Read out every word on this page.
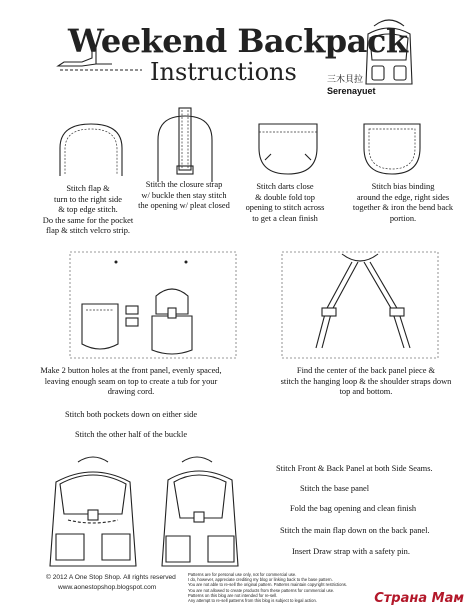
Weekend Backpack
Instructions	三木貝拉
Serenayuet
Stitch flap &
turn to the right side
& top edge stitch.
Do the same for the pocket
flap & stitch velcro strip.
Stitch the closure strap
w/ buckle then stay stitch
the opening w/ pleat closed
Stitch darts close
& double fold top
opening to stitch across
to get a clean finish
Stitch bias binding
around the edge, right sides
together & iron the bend back
portion.
Make 2 button holes at the front panel, evenly spaced,
leaving enough seam on top to create a tub for your
drawing cord.
Stitch both pockets down on either side
Stitch the other half of the buckle
Find the center of the back panel piece &
stitch the hanging loop & the shoulder straps down
top and bottom.
Stitch Front & Back Panel at both Side Seams.
Stitch the base panel
Fold the bag opening and clean finish
Stitch the main flap down on the back panel.
Insert Draw strap with a safety pin.
© 2012 A One Stop Shop. All rights reserved
www.aonestopshop.blogspot.com
Patterns are for personal use only, not for commercial use.
I do, however, appreciate crediting my blog or linking back to the base pattern.
You are not able to re-sell the original pattern. Patterns maintain copyright restrictions.
You are not allowed to create products from these patterns for commercial use.
Patterns on this blog are not intended for re-sell.
Any attempt to re-sell patterns from this blog is subject to legal action.	Страна Мам
